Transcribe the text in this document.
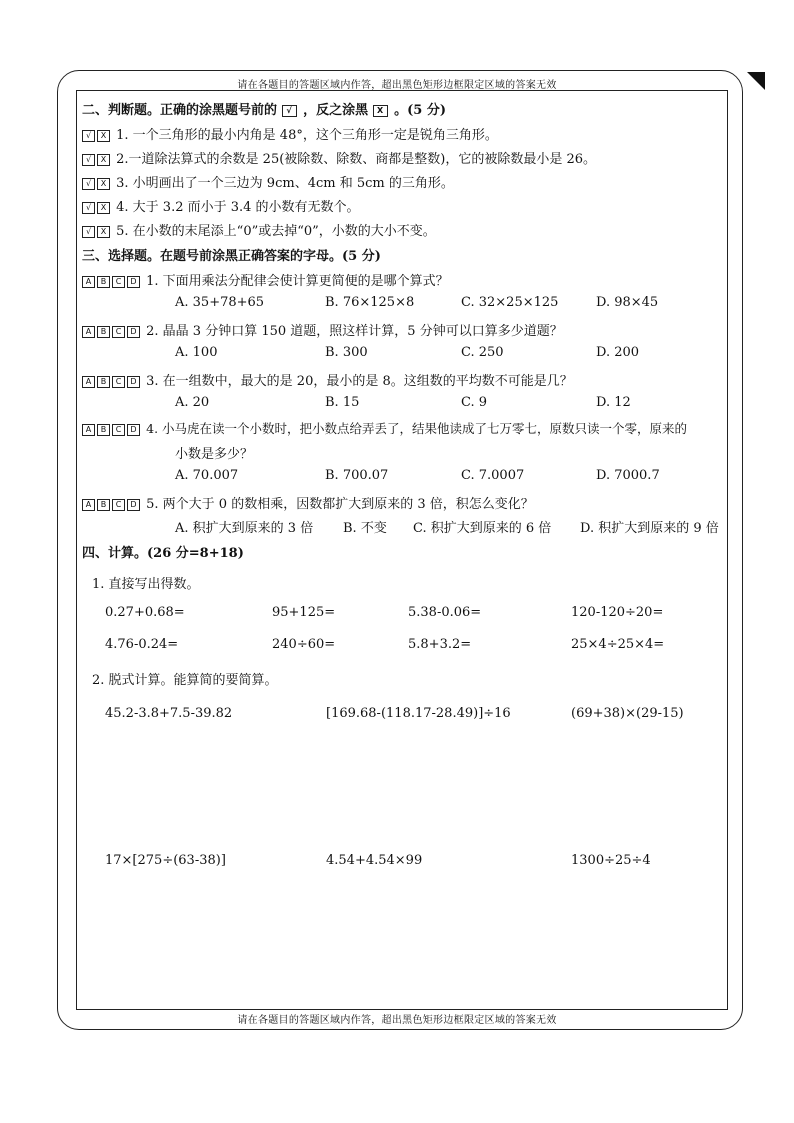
请在各题目的答题区域内作答，超出黑色矩形边框限定区域的答案无效
请在各题目的答题区域内作答，超出黑色矩形边框限定区域的答案无效
二、判断题。正确的涂黑题号前的 √ ，反之涂黑 X 。(5 分)
√ X 1. 一个三角形的最小内角是 48°，这个三角形一定是锐角三角形。
√ X 2.一道除法算式的余数是 25(被除数、除数、商都是整数)，它的被除数最小是 26。
√ X 3. 小明画出了一个三边为 9cm、4cm 和 5cm 的三角形。
√ X 4. 大于 3.2 而小于 3.4 的小数有无数个。
√ X 5. 在小数的末尾添上“0”或去掉“0”，小数的大小不变。
三、选择题。在题号前涂黑正确答案的字母。(5 分)
A B C D 1. 下面用乘法分配律会使计算更简便的是哪个算式？
A. 35+78+65	B. 76×125×8	C. 32×25×125	D. 98×45
A B C D 2. 晶晶 3 分钟口算 150 道题，照这样计算，5 分钟可以口算多少道题？
A. 100	B. 300	C. 250	D. 200
A B C D 3. 在一组数中，最大的是 20，最小的是 8。这组数的平均数不可能是几？
A. 20	B. 15	C. 9	D. 12
A B C D 4. 小马虎在读一个小数时，把小数点给弄丢了，结果他读成了七万零七，原数只读一个零，原来的
小数是多少？
A. 70.007	B. 700.07	C. 7.0007	D. 7000.7
A B C D 5. 两个大于 0 的数相乘，因数都扩大到原来的 3 倍，积怎么变化？
A. 积扩大到原来的 3 倍 B. 不变 C. 积扩大到原来的 6 倍 D. 积扩大到原来的 9 倍
四、计算。(26 分=8+18)
1. 直接写出得数。
0.27+0.68=	95+125=	5.38-0.06=	120-120÷20=
4.76-0.24=	240÷60=	5.8+3.2=	25×4÷25×4=
2. 脱式计算。能算简的要简算。
45.2-3.8+7.5-39.82	[169.68-(118.17-28.49)]÷16	(69+38)×(29-15)
17×[275÷(63-38)]	4.54+4.54×99	1300÷25÷4
